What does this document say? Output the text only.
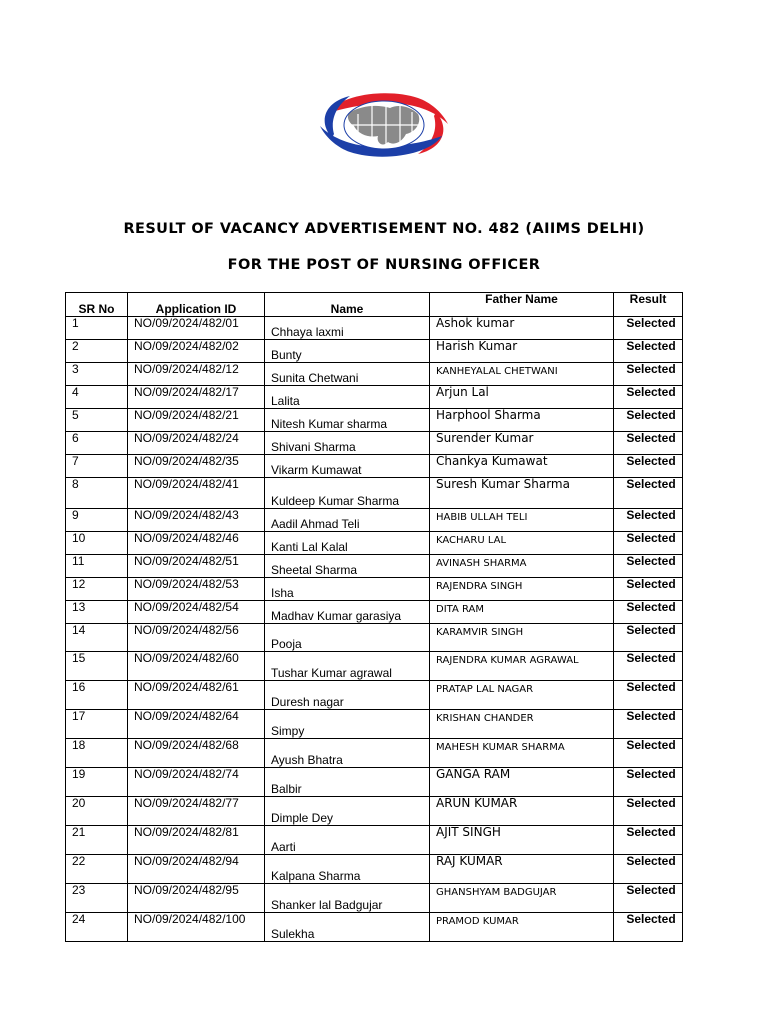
RESULT OF VACANCY ADVERTISEMENT NO. 482 (AIIMS DELHI)
FOR THE POST OF NURSING OFFICER
SR No	Application ID	Name	Father Name	Result
1	NO/09/2024/482/01	Chhaya laxmi	Ashok kumar	Selected
2	NO/09/2024/482/02	Bunty	Harish Kumar	Selected
3	NO/09/2024/482/12	Sunita Chetwani	KANHEYALAL CHETWANI	Selected
4	NO/09/2024/482/17	Lalita	Arjun Lal	Selected
5	NO/09/2024/482/21	Nitesh Kumar sharma	Harphool Sharma	Selected
6	NO/09/2024/482/24	Shivani Sharma	Surender Kumar	Selected
7	NO/09/2024/482/35	Vikarm Kumawat	Chankya Kumawat	Selected
8	NO/09/2024/482/41	Kuldeep Kumar Sharma	Suresh Kumar Sharma	Selected
9	NO/09/2024/482/43	Aadil Ahmad Teli	HABIB ULLAH TELI	Selected
10	NO/09/2024/482/46	Kanti Lal Kalal	KACHARU LAL	Selected
11	NO/09/2024/482/51	Sheetal Sharma	AVINASH SHARMA	Selected
12	NO/09/2024/482/53	Isha	RAJENDRA SINGH	Selected
13	NO/09/2024/482/54	Madhav Kumar garasiya	DITA RAM	Selected
14	NO/09/2024/482/56	Pooja	KARAMVIR SINGH	Selected
15	NO/09/2024/482/60	Tushar Kumar agrawal	RAJENDRA KUMAR AGRAWAL	Selected
16	NO/09/2024/482/61	Duresh nagar	PRATAP LAL NAGAR	Selected
17	NO/09/2024/482/64	Simpy	KRISHAN CHANDER	Selected
18	NO/09/2024/482/68	Ayush Bhatra	MAHESH KUMAR SHARMA	Selected
19	NO/09/2024/482/74	Balbir	GANGA RAM	Selected
20	NO/09/2024/482/77	Dimple Dey	ARUN KUMAR	Selected
21	NO/09/2024/482/81	Aarti	AJIT SINGH	Selected
22	NO/09/2024/482/94	Kalpana Sharma	RAJ KUMAR	Selected
23	NO/09/2024/482/95	Shanker lal Badgujar	GHANSHYAM BADGUJAR	Selected
24	NO/09/2024/482/100	Sulekha	PRAMOD KUMAR	Selected
